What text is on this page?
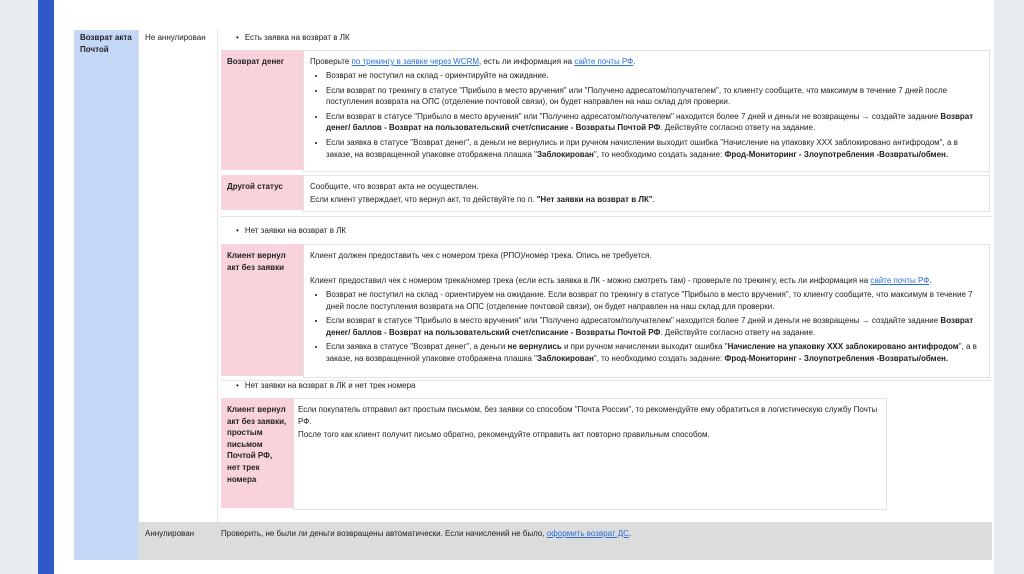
Возврат акта Почтой
Не аннулирован
•	Есть заявка на возврат в ЛК
Возврат денег	Проверьте по трекингу в заявке через WCRM, есть ли информация на сайте почты РФ.
• Возврат не поступил на склад - ориентируйте на ожидание.
• Если возврат по трекингу в статусе "Прибыло в место вручения" или "Получено адресатом/получателем", то клиенту сообщите, что максимум в течение 7 дней после поступления возврата на ОПС (отделение почтовой связи), он будет направлен на наш склад для проверки.
• Если возврат в статусе "Прибыло в место вручения" или "Получено адресатом/получателем" находится более 7 дней и деньги не возвращены → создайте задание Возврат денег/ баллов - Возврат на пользовательский счет/списание - Возвраты Почтой РФ. Действуйте согласно ответу на задание.
• Если заявка в статусе "Возврат денег", а деньги не вернулись и при ручном начислении выходит ошибка "Начисление на упаковку ХХХ заблокировано антифродом", а в заказе, на возвращенной упаковке отображена плашка "Заблокирован", то необходимо создать задание: Фрод-Мониторинг - Злоупотребления -Возвраты/обмен.
Другой статус	Сообщите, что возврат акта не осуществлен.
Если клиент утверждает, что вернул акт, то действуйте по п. "Нет заявки на возврат в ЛК".
• Нет заявки на возврат в ЛК
Клиент вернул акт без заявки
Клиент должен предоставить чек с номером трека (РПО)/номер трека. Опись не требуется.
Клиент предоставил чек с номером трека/номер трека (если есть заявка в ЛК - можно смотреть там) - проверьте по трекингу, есть ли информация на сайте почты РФ.
• Возврат не поступил на склад - ориентируем на ожидание. Если возврат по трекингу в статусе "Прибыло в место вручения", то клиенту сообщите, что максимум в течение 7 дней после поступления возврата на ОПС (отделение почтовой связи), он будет направлен на наш склад для проверки.
• Если возврат в статусе "Прибыло в место вручения" или "Получено адресатом/получателем" находится более 7 дней и деньги не возвращены → создайте задание Возврат денег/ баллов - Возврат на пользовательский счет/списание - Возвраты Почтой РФ. Действуйте согласно ответу на задание.
• Если заявка в статусе "Возврат денег", а деньги не вернулись и при ручном начислении выходит ошибка "Начисление на упаковку ХХХ заблокировано антифродом", а в заказе, на возвращенной упаковке отображена плашка "Заблокирован", то необходимо создать задание: Фрод-Мониторинг - Злоупотребления -Возвраты/обмен.
• Нет заявки на возврат в ЛК и нет трек номера
Клиент вернул акт без заявки, простым письмом Почтой РФ, нет трек номера
Если покупатель отправил акт простым письмом, без заявки со способом "Почта России", то рекомендуйте ему обратиться в логистическую службу Почты РФ.
После того как клиент получит письмо обратно, рекомендуйте отправить акт повторно правильным способом.
Аннулирован	Проверить, не были ли деньги возвращены автоматически. Если начислений не было, оформить возврат ДС.
